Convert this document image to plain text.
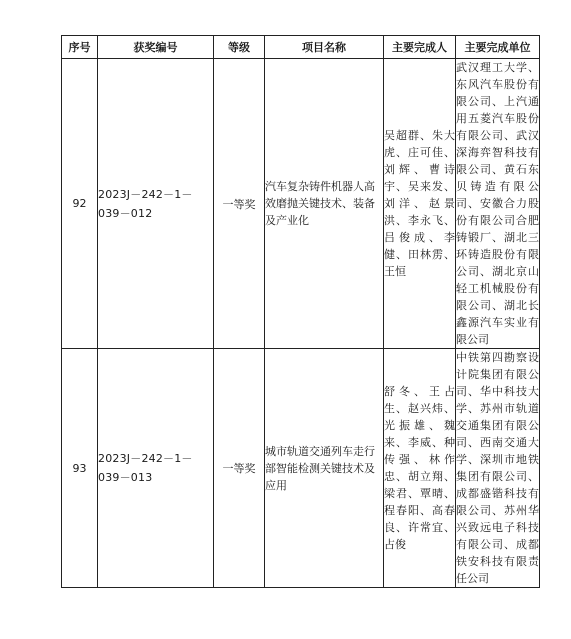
序号	获奖编号	等级	项目名称	主要完成人	主要完成单位
92	2023J－242－1－039－012	一等奖	汽车复杂铸件机器人高效磨抛关键技术、装备及产业化	吴超群、朱大虎、庄可佳、刘辉、曹诗宇、吴来发、刘洋、赵景洪、李永飞、吕俊成、李健、田林雳、王恒	武汉理工大学、东风汽车股份有限公司、上汽通用五菱汽车股份有限公司、武汉深海弈智科技有限公司、黄石东贝铸造有限公司、安徽合力股份有限公司合肥铸锻厂、湖北三环铸造股份有限公司、湖北京山轻工机械股份有限公司、湖北长鑫源汽车实业有限公司
93	2023J－242－1－039－013	一等奖	城市轨道交通列车走行部智能检测关键技术及应用	舒冬、王占生、赵兴炜、光振雄、魏来、李威、种传强、林作忠、胡立翔、梁君、覃晴、程春阳、高春良、许常宜、占俊	中铁第四勘察设计院集团有限公司、华中科技大学、苏州市轨道交通集团有限公司、西南交通大学、深圳市地铁集团有限公司、成都盛锴科技有限公司、苏州华兴致远电子科技有限公司、成都铁安科技有限责任公司
